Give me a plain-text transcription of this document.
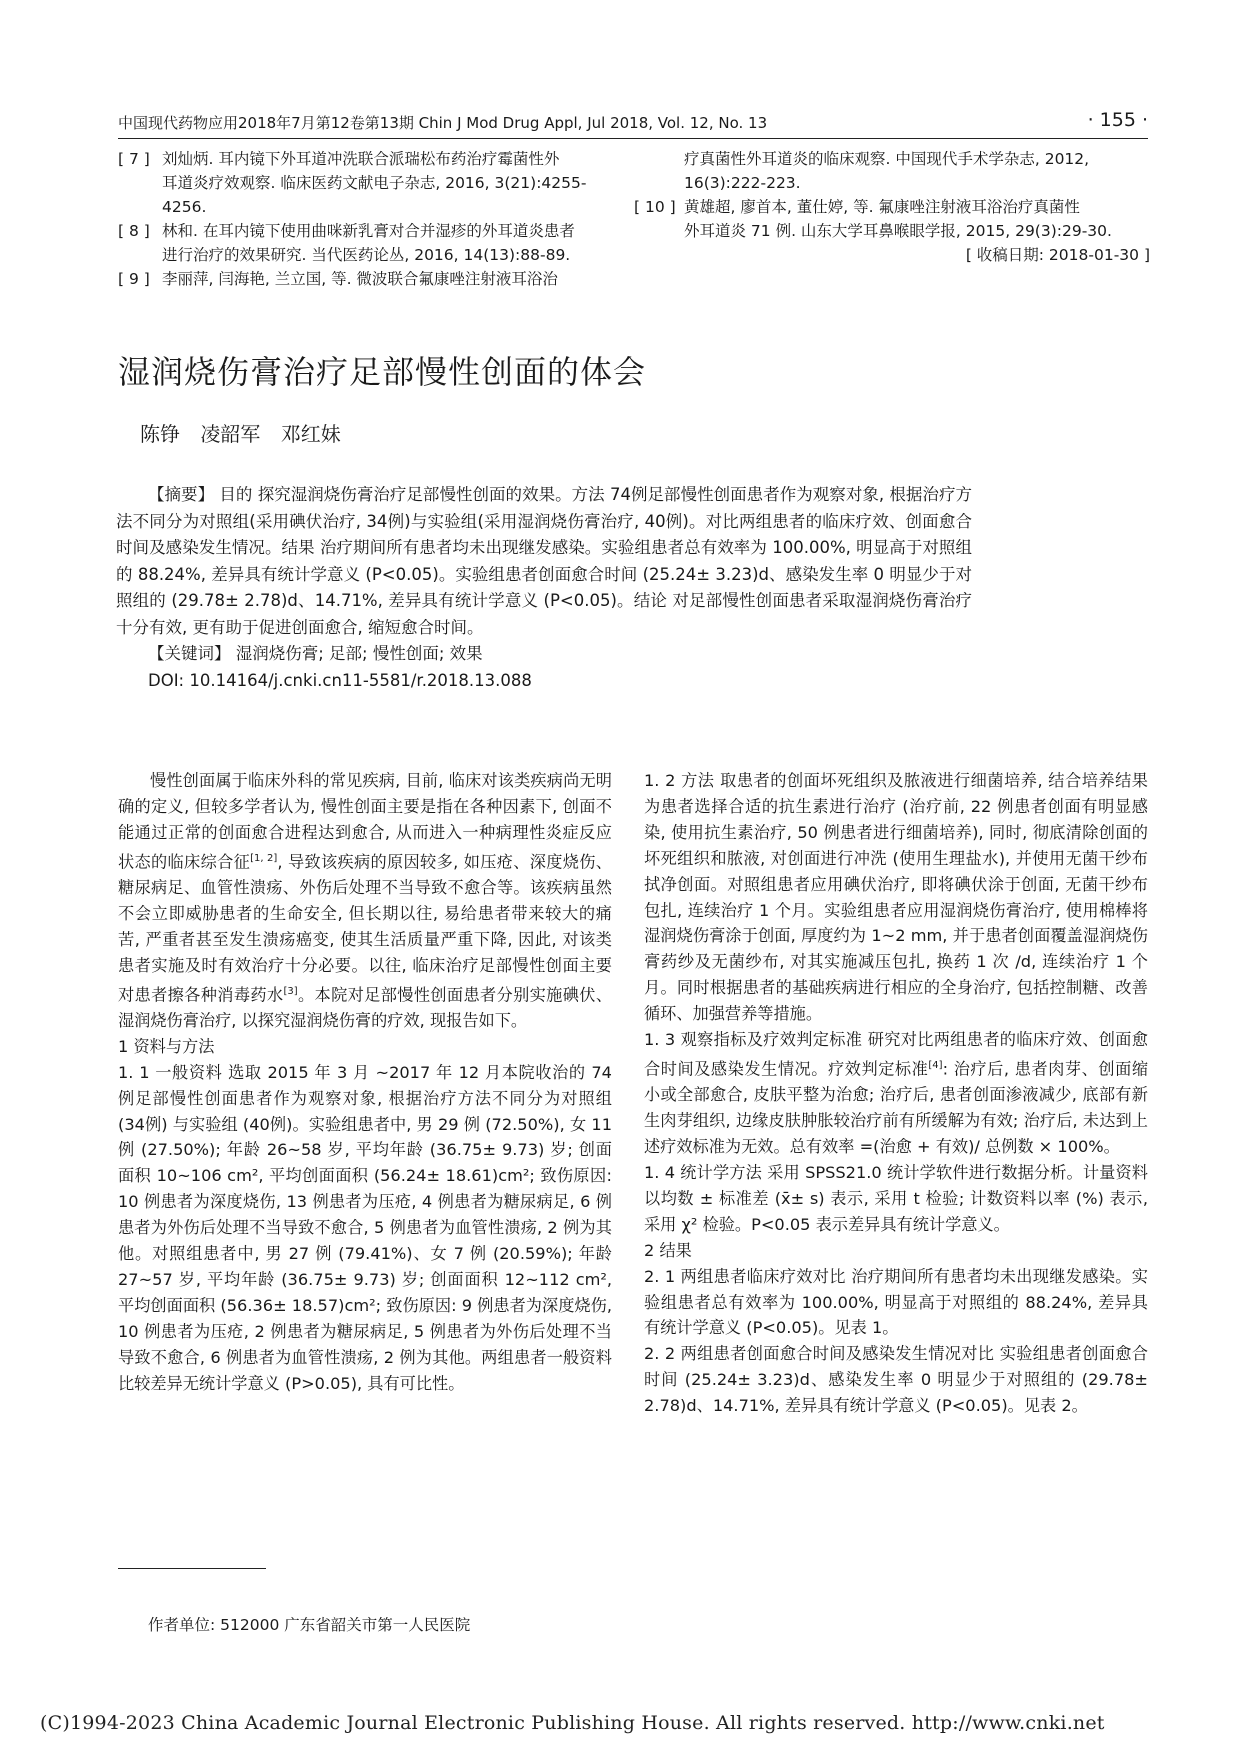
中国现代药物应用2018年7月第12卷第13期 Chin J Mod Drug Appl, Jul 2018, Vol. 12, No. 13	· 155 ·
[ 7 ] 刘灿炳. 耳内镜下外耳道冲洗联合派瑞松布药治疗霉菌性外
耳道炎疗效观察. 临床医药文献电子杂志, 2016, 3(21):4255-
4256.
[ 8 ] 林和. 在耳内镜下使用曲咪新乳膏对合并湿疹的外耳道炎患者
进行治疗的效果研究. 当代医药论丛, 2016, 14(13):88-89.
[ 9 ] 李丽萍, 闫海艳, 兰立国, 等. 微波联合氟康唑注射液耳浴治
疗真菌性外耳道炎的临床观察. 中国现代手术学杂志, 2012,
16(3):222-223.
[ 10 ] 黄雄超, 廖首本, 董仕婷, 等. 氟康唑注射液耳浴治疗真菌性
外耳道炎 71 例. 山东大学耳鼻喉眼学报, 2015, 29(3):29-30.
[ 收稿日期: 2018-01-30 ]
湿润烧伤膏治疗足部慢性创面的体会
陈铮 凌韶军 邓红妹

【摘要】 目的 探究湿润烧伤膏治疗足部慢性创面的效果。方法 74例足部慢性创面患者作为观察对象, 根据治疗方法不同分为对照组(采用碘伏治疗, 34例)与实验组(采用湿润烧伤膏治疗, 40例)。对比两组患者的临床疗效、创面愈合时间及感染发生情况。结果 治疗期间所有患者均未出现继发感染。实验组患者总有效率为 100.00%, 明显高于对照组的 88.24%, 差异具有统计学意义 (P<0.05)。实验组患者创面愈合时间 (25.24± 3.23)d、感染发生率 0 明显少于对照组的 (29.78± 2.78)d、14.71%, 差异具有统计学意义 (P<0.05)。结论 对足部慢性创面患者采取湿润烧伤膏治疗十分有效, 更有助于促进创面愈合, 缩短愈合时间。

【关键词】 湿润烧伤膏; 足部; 慢性创面; 效果

DOI: 10.14164/j.cnki.cn11-5581/r.2018.13.088

慢性创面属于临床外科的常见疾病, 目前, 临床对该类疾病尚无明确的定义, 但较多学者认为, 慢性创面主要是指在各种因素下, 创面不能通过正常的创面愈合进程达到愈合, 从而进入一种病理性炎症反应状态的临床综合征[1, 2], 导致该疾病的原因较多, 如压疮、深度烧伤、糖尿病足、血管性溃疡、外伤后处理不当导致不愈合等。该疾病虽然不会立即威胁患者的生命安全, 但长期以往, 易给患者带来较大的痛苦, 严重者甚至发生溃疡癌变, 使其生活质量严重下降, 因此, 对该类患者实施及时有效治疗十分必要。以往, 临床治疗足部慢性创面主要对患者擦各种消毒药水[3]。本院对足部慢性创面患者分别实施碘伏、湿润烧伤膏治疗, 以探究湿润烧伤膏的疗效, 现报告如下。

1 资料与方法

1. 1 一般资料 选取 2015 年 3 月 ~2017 年 12 月本院收治的 74 例足部慢性创面患者作为观察对象, 根据治疗方法不同分为对照组 (34例) 与实验组 (40例)。实验组患者中, 男 29 例 (72.50%), 女 11 例 (27.50%); 年龄 26~58 岁, 平均年龄 (36.75± 9.73) 岁; 创面面积 10~106 cm², 平均创面面积 (56.24± 18.61)cm²; 致伤原因: 10 例患者为深度烧伤, 13 例患者为压疮, 4 例患者为糖尿病足, 6 例患者为外伤后处理不当导致不愈合, 5 例患者为血管性溃疡, 2 例为其他。对照组患者中, 男 27 例 (79.41%)、女 7 例 (20.59%); 年龄 27~57 岁, 平均年龄 (36.75± 9.73) 岁; 创面面积 12~112 cm², 平均创面面积 (56.36± 18.57)cm²; 致伤原因: 9 例患者为深度烧伤, 10 例患者为压疮, 2 例患者为糖尿病足, 5 例患者为外伤后处理不当导致不愈合, 6 例患者为血管性溃疡, 2 例为其他。两组患者一般资料比较差异无统计学意义 (P>0.05), 具有可比性。

1. 2 方法 取患者的创面坏死组织及脓液进行细菌培养, 结合培养结果为患者选择合适的抗生素进行治疗 (治疗前, 22 例患者创面有明显感染, 使用抗生素治疗, 50 例患者进行细菌培养), 同时, 彻底清除创面的坏死组织和脓液, 对创面进行冲洗 (使用生理盐水), 并使用无菌干纱布拭净创面。对照组患者应用碘伏治疗, 即将碘伏涂于创面, 无菌干纱布包扎, 连续治疗 1 个月。实验组患者应用湿润烧伤膏治疗, 使用棉棒将湿润烧伤膏涂于创面, 厚度约为 1~2 mm, 并于患者创面覆盖湿润烧伤膏药纱及无菌纱布, 对其实施减压包扎, 换药 1 次 /d, 连续治疗 1 个月。同时根据患者的基础疾病进行相应的全身治疗, 包括控制糖、改善循环、加强营养等措施。

1. 3 观察指标及疗效判定标准 研究对比两组患者的临床疗效、创面愈合时间及感染发生情况。疗效判定标准[4]: 治疗后, 患者肉芽、创面缩小或全部愈合, 皮肤平整为治愈; 治疗后, 患者创面渗液减少, 底部有新生肉芽组织, 边缘皮肤肿胀较治疗前有所缓解为有效; 治疗后, 未达到上述疗效标准为无效。总有效率 =(治愈 + 有效)/ 总例数 × 100%。

1. 4 统计学方法 采用 SPSS21.0 统计学软件进行数据分析。计量资料以均数 ± 标准差 (x̄± s) 表示, 采用 t 检验; 计数资料以率 (%) 表示, 采用 χ² 检验。P<0.05 表示差异具有统计学意义。

2 结果

2. 1 两组患者临床疗效对比 治疗期间所有患者均未出现继发感染。实验组患者总有效率为 100.00%, 明显高于对照组的 88.24%, 差异具有统计学意义 (P<0.05)。见表 1。

2. 2 两组患者创面愈合时间及感染发生情况对比 实验组患者创面愈合时间 (25.24± 3.23)d、感染发生率 0 明显少于对照组的 (29.78± 2.78)d、14.71%, 差异具有统计学意义 (P<0.05)。见表 2。

作者单位: 512000 广东省韶关市第一人民医院
(C)1994-2023 China Academic Journal Electronic Publishing House. All rights reserved. http://www.cnki.net
